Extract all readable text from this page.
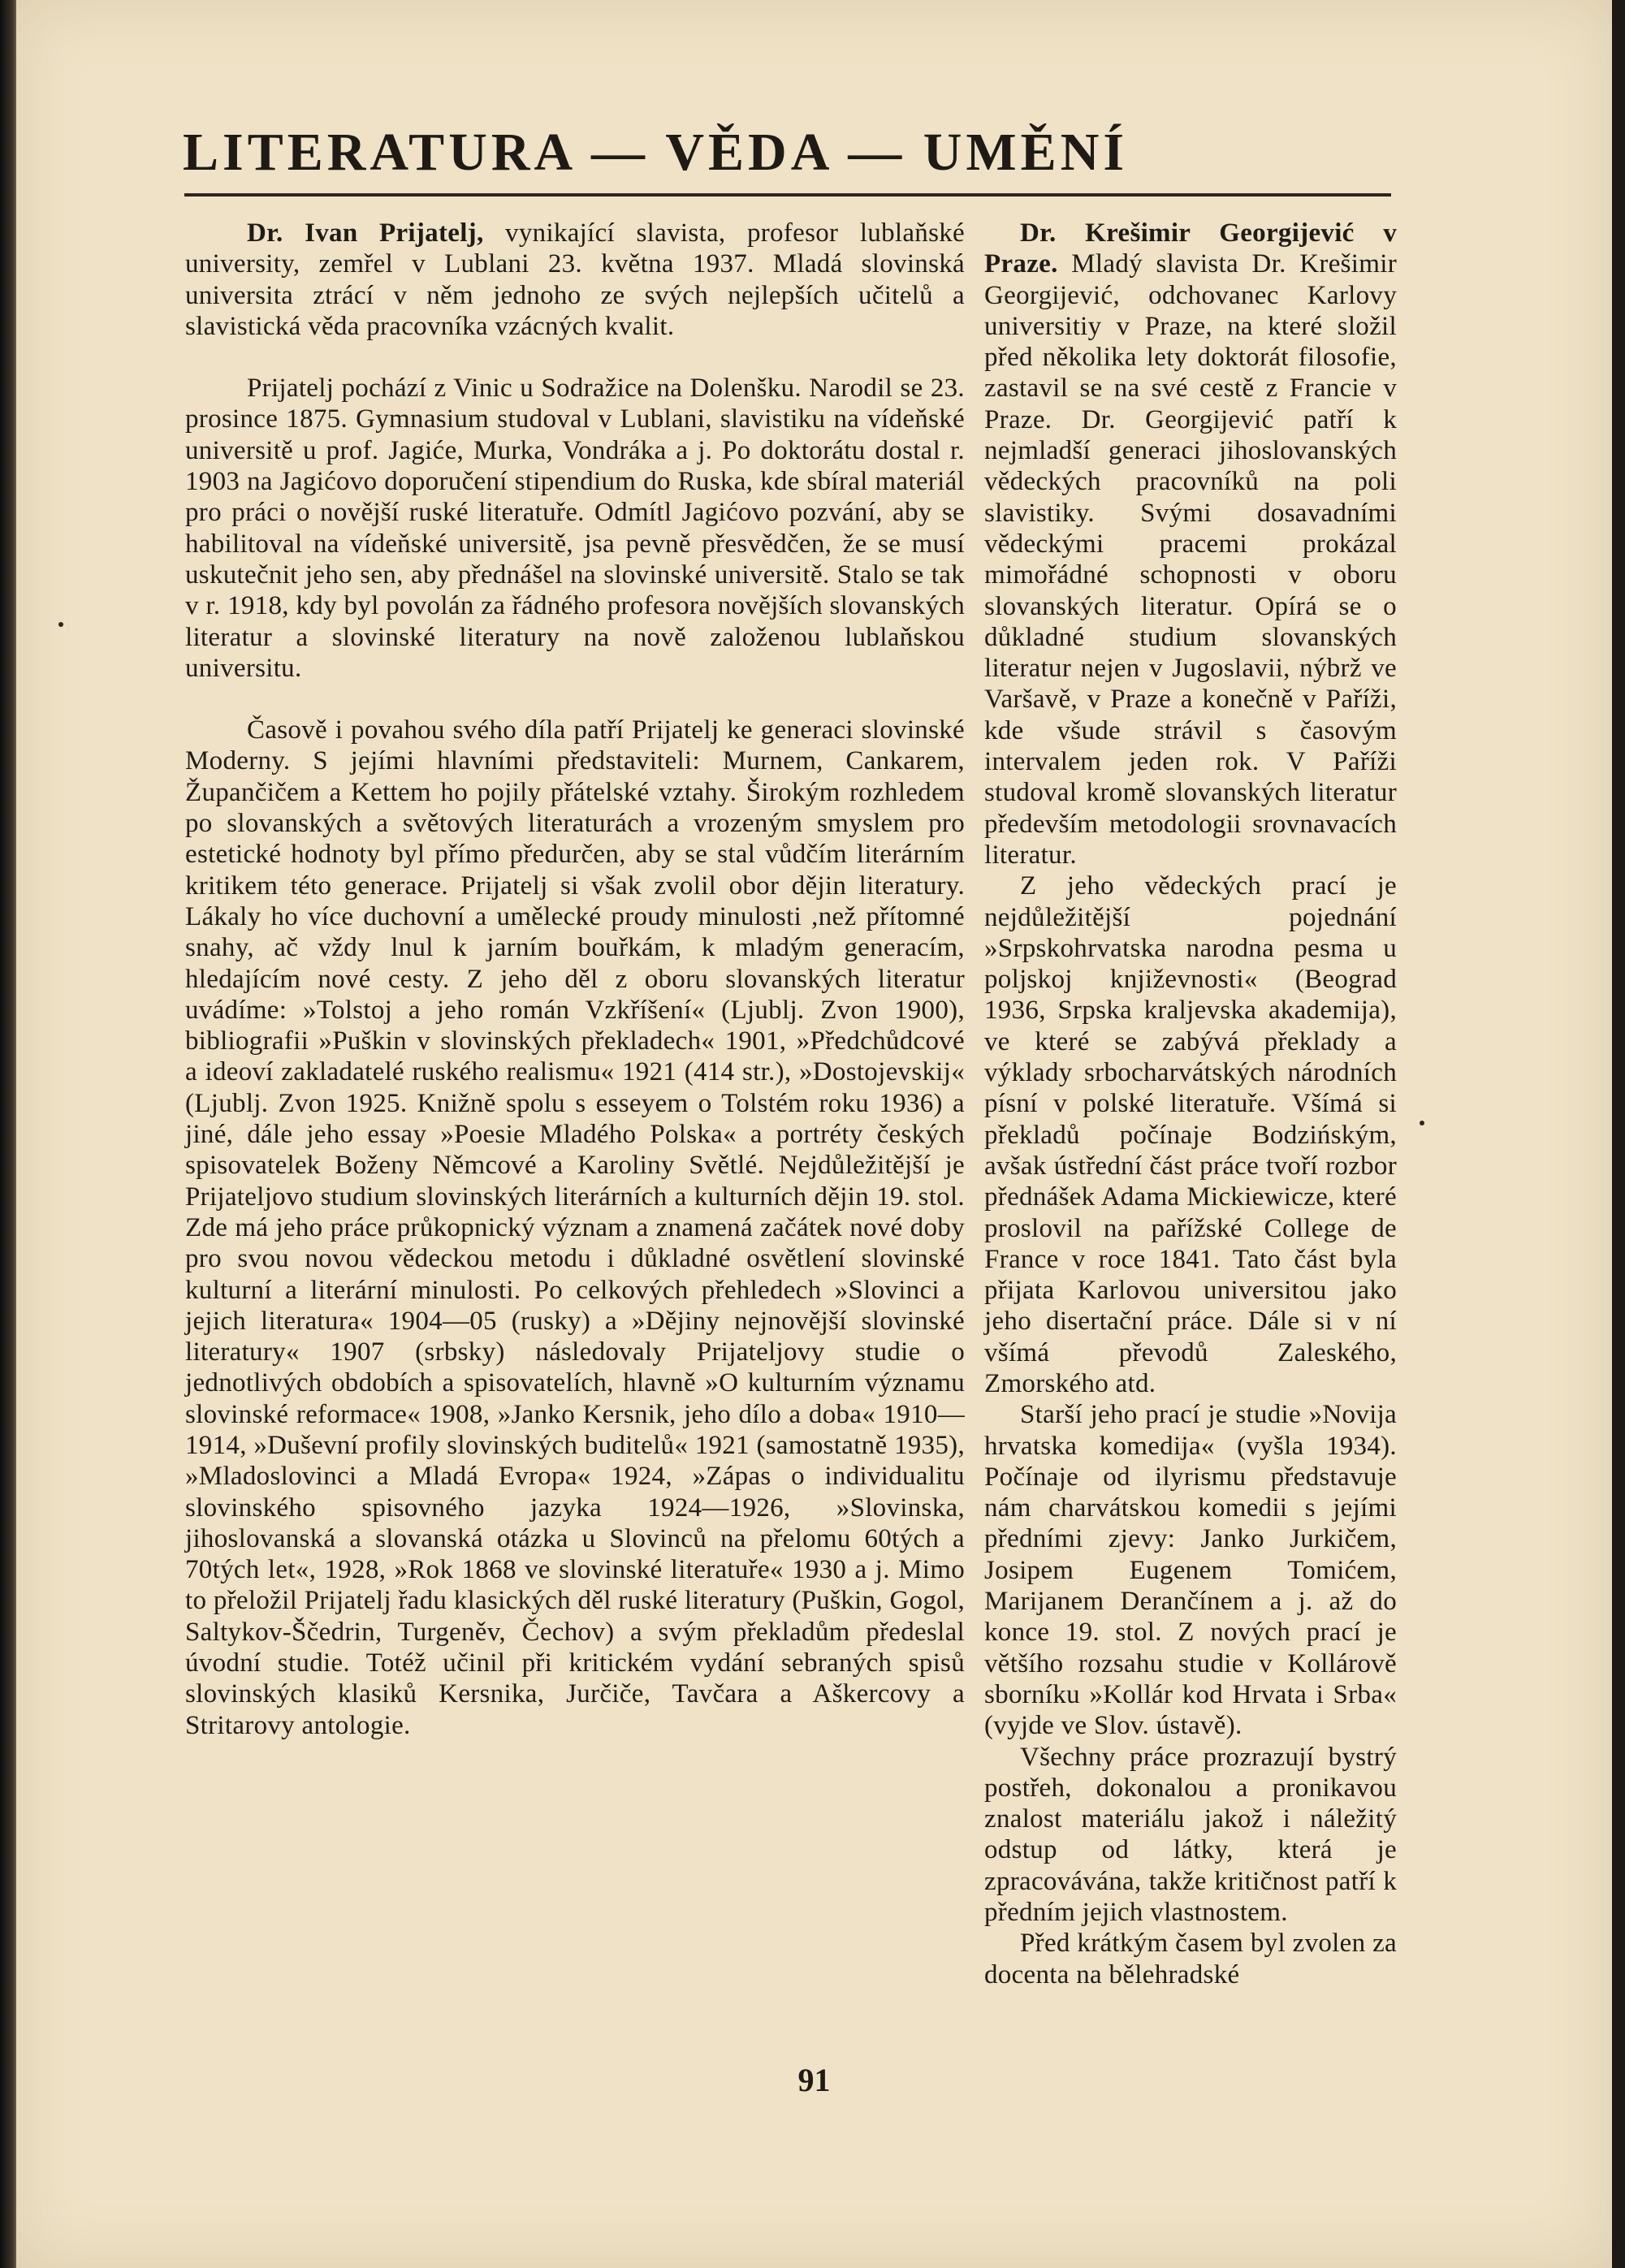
LITERATURA — VĚDA — UMĚNÍ

Dr. Ivan Prijatelj, vynikající slavista, profesor lublaňské university, zemřel v Lublani 23. května 1937. Mladá slovinská universita ztrácí v něm jednoho ze svých nejlepších učitelů a slavistická věda pracovníka vzácných kvalit.

Prijatelj pochází z Vinic u Sodražice na Dolenšku. Narodil se 23. prosince 1875. Gymnasium studoval v Lublani, slavistiku na vídeňské universitě u prof. Jagiće, Murka, Vondráka a j. Po doktorátu dostal r. 1903 na Jagićovo doporučení stipendium do Ruska, kde sbíral materiál pro práci o novější ruské literatuře. Odmítl Jagićovo pozvání, aby se habilitoval na vídeňské universitě, jsa pevně přesvědčen, že se musí uskutečnit jeho sen, aby přednášel na slovinské universitě. Stalo se tak v r. 1918, kdy byl povolán za řádného profesora novějších slovanských literatur a slovinské literatury na nově založenou lublaňskou universitu.

Časově i povahou svého díla patří Prijatelj ke generaci slovinské Moderny. S jejími hlavními představiteli: Murnem, Cankarem, Župančičem a Kettem ho pojily přátelské vztahy. Širokým rozhledem po slovanských a světových literaturách a vrozeným smyslem pro estetické hodnoty byl přímo předurčen, aby se stal vůdčím literárním kritikem této generace. Prijatelj si však zvolil obor dějin literatury. Lákaly ho více duchovní a umělecké proudy minulosti ,než přítomné snahy, ač vždy lnul k jarním bouřkám, k mladým generacím, hledajícím nové cesty. Z jeho děl z oboru slovanských literatur uvádíme: »Tolstoj a jeho román Vzkříšení« (Ljublj. Zvon 1900), bibliografii »Puškin v slovinských překladech« 1901, »Předchůdcové a ideoví zakladatelé ruského realismu« 1921 (414 str.), »Dostojevskij« (Ljublj. Zvon 1925. Knižně spolu s esseyem o Tolstém roku 1936) a jiné, dále jeho essay »Poesie Mladého Polska« a portréty českých spisovatelek Boženy Němcové a Karoliny Světlé. Nejdůležitější je Prijateljovo studium slovinských literárních a kulturních dějin 19. stol. Zde má jeho práce průkopnický význam a znamená začátek nové doby pro svou novou vědeckou metodu i důkladné osvětlení slovinské kulturní a literární minulosti. Po celkových přehledech »Slovinci a jejich literatura« 1904—05 (rusky) a »Dějiny nejnovější slovinské literatury« 1907 (srbsky) následovaly Prijateljovy studie o jednotlivých obdobích a spisovatelích, hlavně »O kulturním významu slovinské reformace« 1908, »Janko Kersnik, jeho dílo a doba« 1910—1914, »Duševní profily slovinských buditelů« 1921 (samostatně 1935), »Mladoslovinci a Mladá Evropa« 1924, »Zápas o individualitu slovinského spisovného jazyka 1924—1926, »Slovinska, jihoslovanská a slovanská otázka u Slovinců na přelomu 60tých a 70tých let«, 1928, »Rok 1868 ve slovinské literatuře« 1930 a j. Mimo to přeložil Prijatelj řadu klasických děl ruské literatury (Puškin, Gogol, Saltykov-Ščedrin, Turgeněv, Čechov) a svým překladům předeslal úvodní studie. Totéž učinil při kritickém vydání sebraných spisů slovinských klasiků Kersnika, Jurčiče, Tavčara a Aškercovy a Stritarovy antologie.

Dr. Krešimir Georgijević v Praze. Mladý slavista Dr. Krešimir Georgijević, odchovanec Karlovy universitiy v Praze, na které složil před několika lety doktorát filosofie, zastavil se na své cestě z Francie v Praze. Dr. Georgijević patří k nejmladší generaci jihoslovanských vědeckých pracovníků na poli slavistiky. Svými dosavadními vědeckými pracemi prokázal mimořádné schopnosti v oboru slovanských literatur. Opírá se o důkladné studium slovanských literatur nejen v Jugoslavii, nýbrž ve Varšavě, v Praze a konečně v Paříži, kde všude strávil s časovým intervalem jeden rok. V Paříži studoval kromě slovanských literatur především metodologii srovnavacích literatur.

Z jeho vědeckých prací je nejdůležitější pojednání »Srpskohrvatska narodna pesma u poljskoj književnosti« (Beograd 1936, Srpska kraljevska akademija), ve které se zabývá překlady a výklady srbocharvátských národních písní v polské literatuře. Všímá si překladů počínaje Bodzińským, avšak ústřední část práce tvoří rozbor přednášek Adama Mickiewicze, které proslovil na pařížské College de France v roce 1841. Tato část byla přijata Karlovou universitou jako jeho disertační práce. Dále si v ní všímá převodů Zaleského, Zmorského atd.

Starší jeho prací je studie »Novija hrvatska komedija« (vyšla 1934). Počínaje od ilyrismu představuje nám charvátskou komedii s jejími předními zjevy: Janko Jurkičem, Josipem Eugenem Tomićem, Marijanem Derančínem a j. až do konce 19. stol. Z nových prací je většího rozsahu studie v Kollárově sborníku »Kollár kod Hrvata i Srba« (vyjde ve Slov. ústavě).

Všechny práce prozrazují bystrý postřeh, dokonalou a pronikavou znalost materiálu jakož i náležitý odstup od látky, která je zpracovávána, takže kritičnost patří k předním jejich vlastnostem.

Před krátkým časem byl zvolen za docenta na bělehradské

91
